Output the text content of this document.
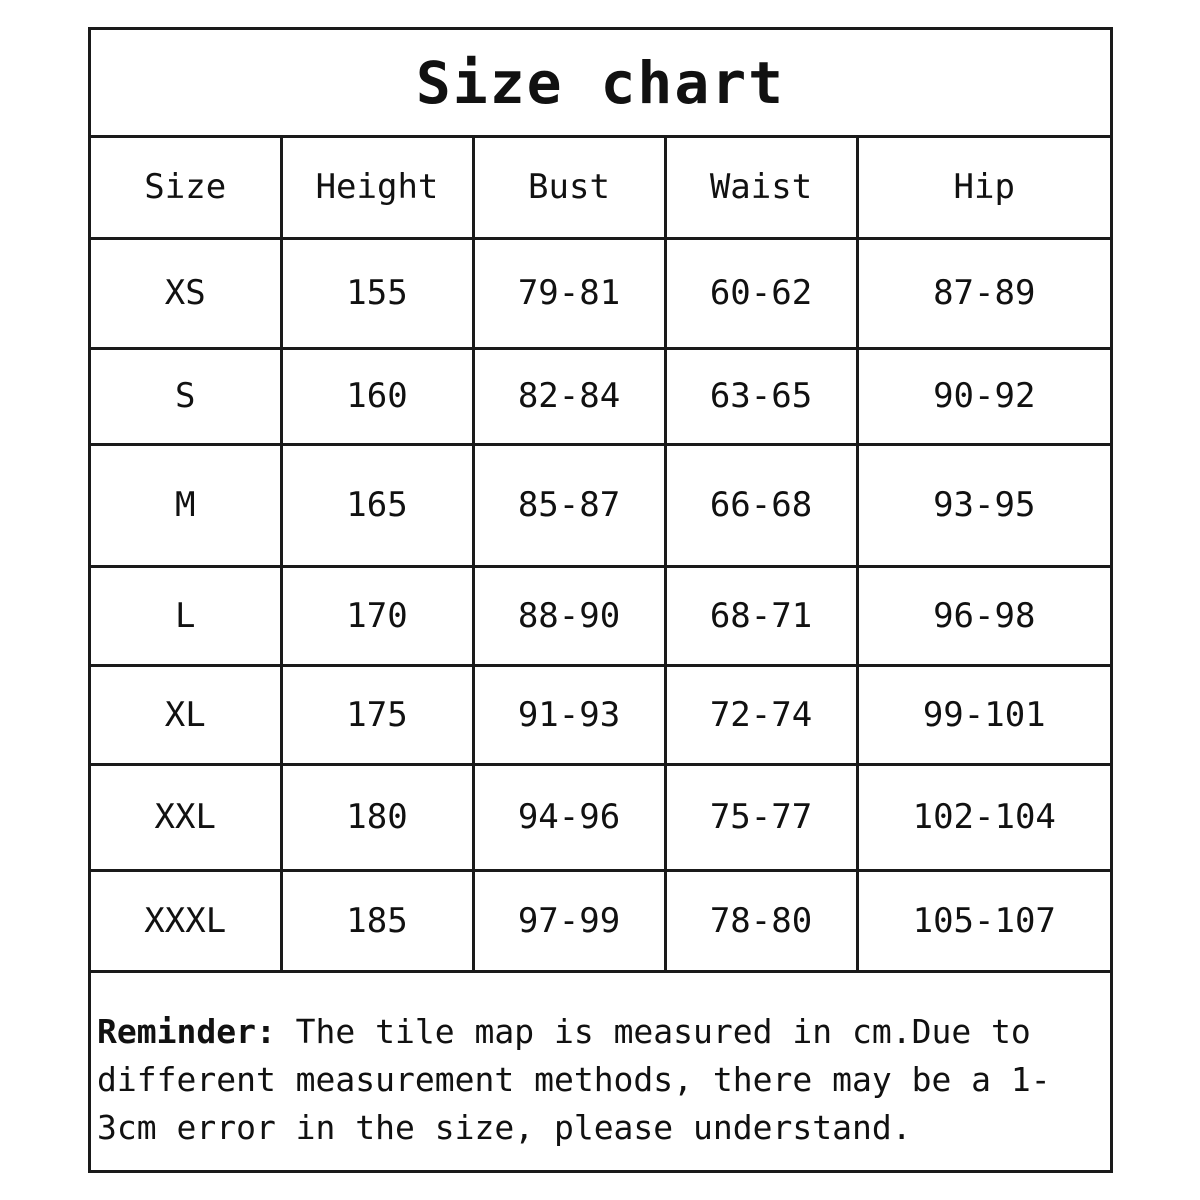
Size chart
Size	Height	Bust	Waist	Hip
XS	155	79-81	60-62	87-89
S	160	82-84	63-65	90-92
M	165	85-87	66-68	93-95
L	170	88-90	68-71	96-98
XL	175	91-93	72-74	99-101
XXL	180	94-96	75-77	102-104
XXXL	185	97-99	78-80	105-107
Reminder: The tile map is measured in cm.Due to different measurement methods, there may be a 1-3cm error in the size, please understand.
